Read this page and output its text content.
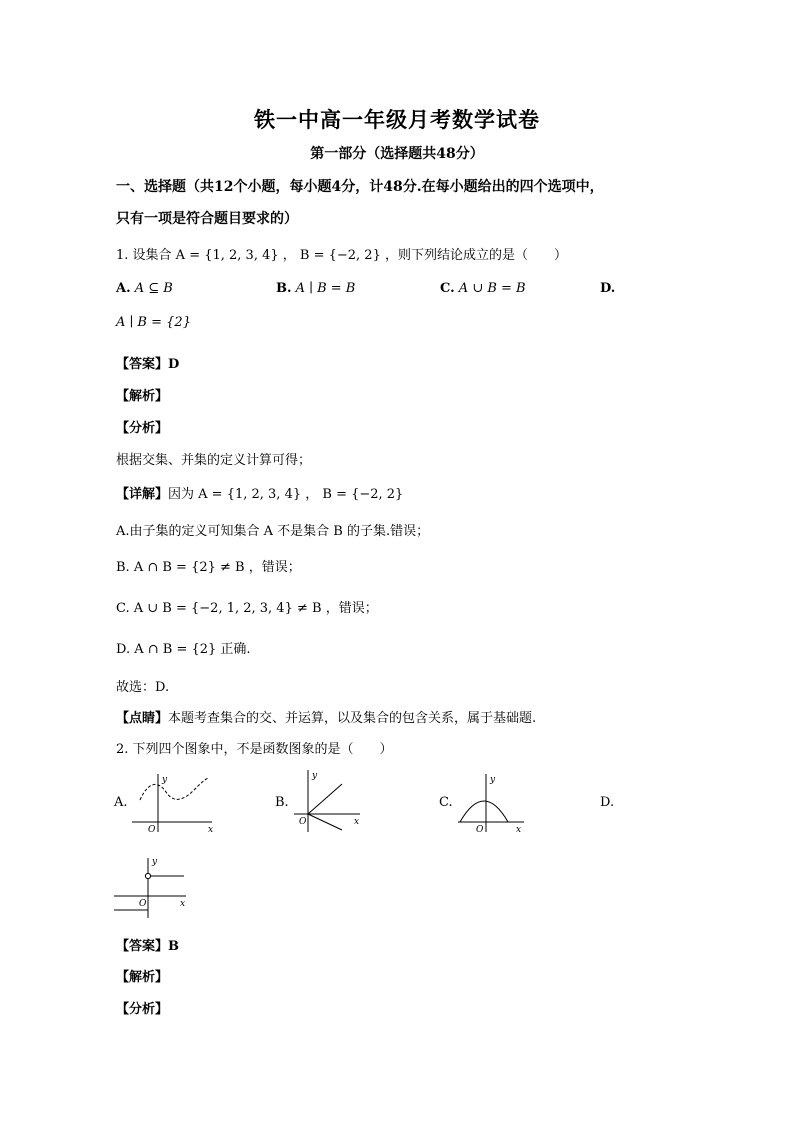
铁一中高一年级月考数学试卷
第一部分（选择题共48分）
一、选择题（共12个小题，每小题4分，计48分.在每小题给出的四个选项中，
只有一项是符合题目要求的）
1. 设集合 A = {1, 2, 3, 4} ， B = {−2, 2} ，则下列结论成立的是（　　）
A. A ⊆ B	B. A ∣ B = B	C. A ∪ B = B	D.
A ∣ B = {2}
【答案】D
【解析】
【分析】
根据交集、并集的定义计算可得；
【详解】因为 A = {1, 2, 3, 4} ， B = {−2, 2}
A.由子集的定义可知集合 A 不是集合 B 的子集.错误；
B. A ∩ B = {2} ≠ B ，错误；
C. A ∪ B = {−2, 1, 2, 3, 4} ≠ B ，错误；
D. A ∩ B = {2} 正确.
故选：D.
【点睛】本题考查集合的交、并运算，以及集合的包含关系，属于基础题.
2. 下列四个图象中，不是函数图象的是（　　）
A.
y
x
O
B.
y
x
O
C.
y
x
O
D.
y
x
O
【答案】B
【解析】
【分析】
